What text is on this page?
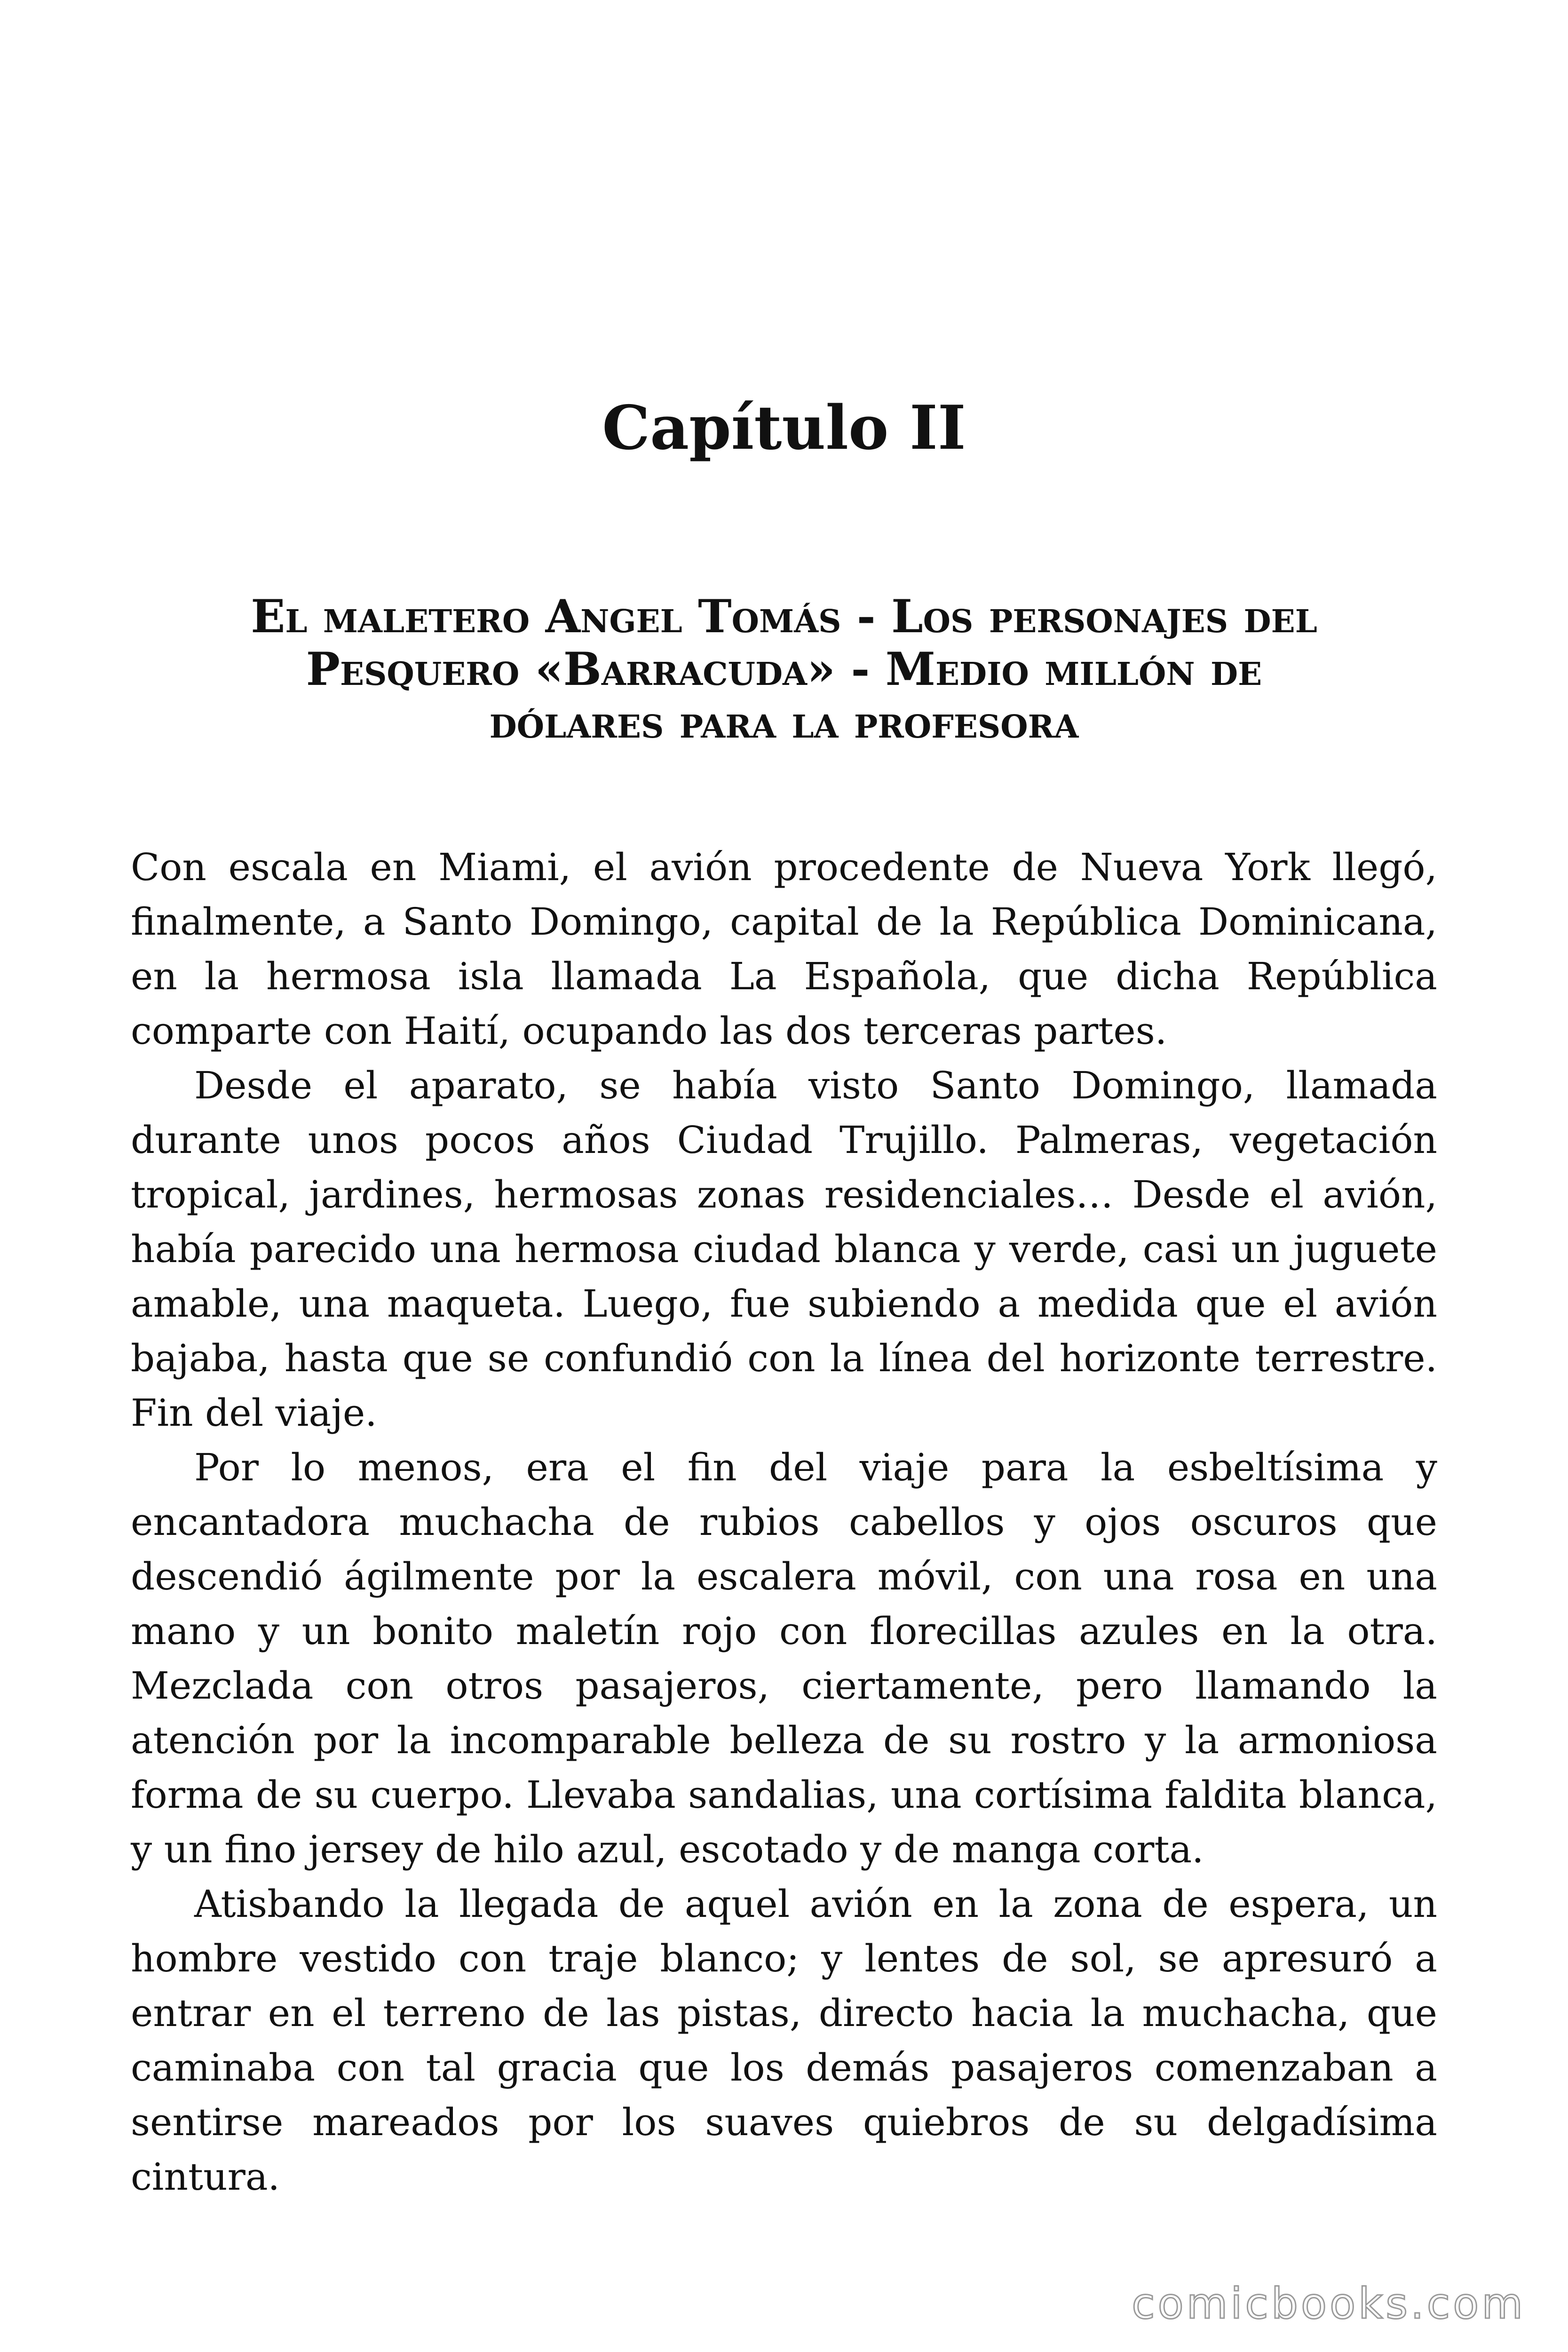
Capítulo II
El maletero Angel Tomás - Los personajes del
Pesquero «Barracuda» - Medio millón de
dólares para la profesora
Con escala en Miami, el avión procedente de Nueva York llegó,
finalmente, a Santo Domingo, capital de la República Dominicana,
en la hermosa isla llamada La Española, que dicha República
comparte con Haití, ocupando las dos terceras partes.
Desde el aparato, se había visto Santo Domingo, llamada
durante unos pocos años Ciudad Trujillo. Palmeras, vegetación
tropical, jardines, hermosas zonas residenciales… Desde el avión,
había parecido una hermosa ciudad blanca y verde, casi un juguete
amable, una maqueta. Luego, fue subiendo a medida que el avión
bajaba, hasta que se confundió con la línea del horizonte terrestre.
Fin del viaje.
Por lo menos, era el fin del viaje para la esbeltísima y
encantadora muchacha de rubios cabellos y ojos oscuros que
descendió ágilmente por la escalera móvil, con una rosa en una
mano y un bonito maletín rojo con florecillas azules en la otra.
Mezclada con otros pasajeros, ciertamente, pero llamando la
atención por la incomparable belleza de su rostro y la armoniosa
forma de su cuerpo. Llevaba sandalias, una cortísima faldita blanca,
y un fino jersey de hilo azul, escotado y de manga corta.
Atisbando la llegada de aquel avión en la zona de espera, un
hombre vestido con traje blanco; y lentes de sol, se apresuró a
entrar en el terreno de las pistas, directo hacia la muchacha, que
caminaba con tal gracia que los demás pasajeros comenzaban a
sentirse mareados por los suaves quiebros de su delgadísima
cintura.
comicbooks.com
